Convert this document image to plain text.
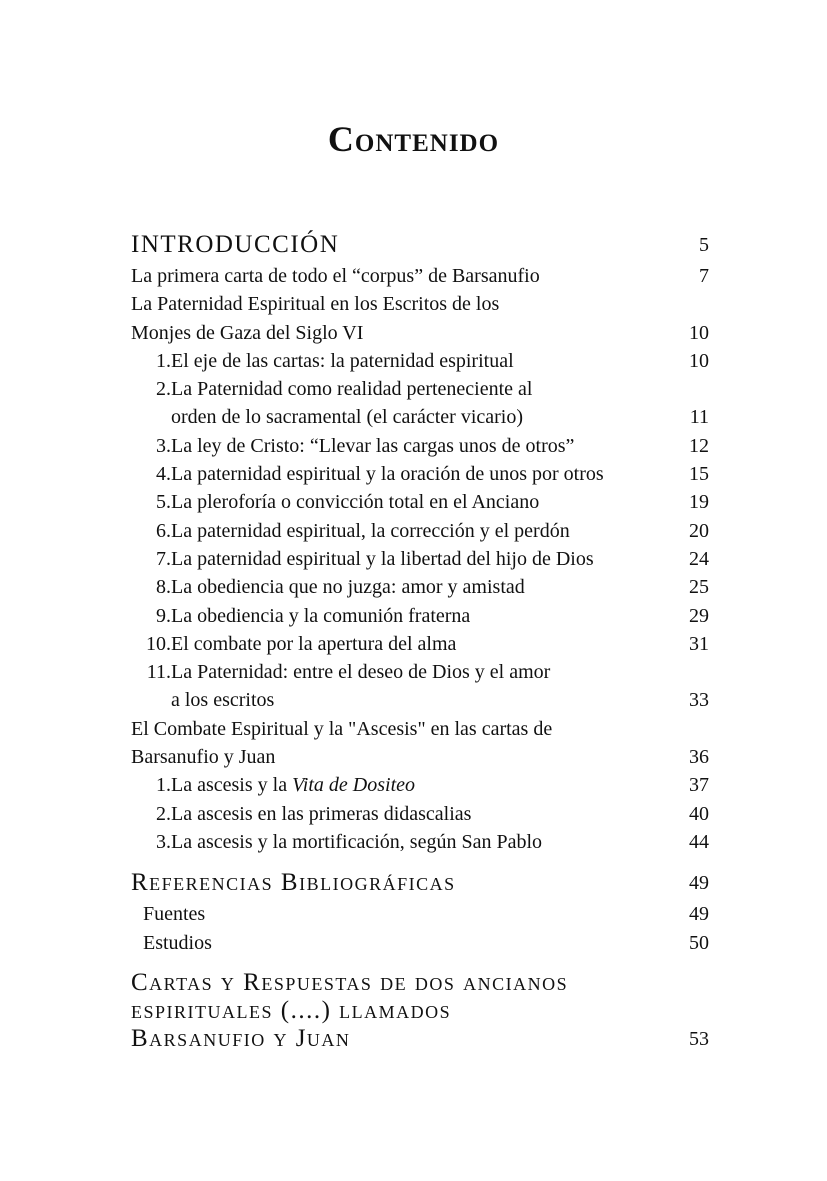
Contenido
INTRODUCCIÓN	5
La primera carta de todo el “corpus” de Barsanufio	7
La Paternidad Espiritual en los Escritos de los
Monjes de Gaza del Siglo VI	10
1. El eje de las cartas: la paternidad espiritual	10
2. La Paternidad como realidad perteneciente al
orden de lo sacramental (el carácter vicario)	11
3. La ley de Cristo: “Llevar las cargas unos de otros”	12
4. La paternidad espiritual y la oración de unos por otros	15
5. La pleroforía o convicción total en el Anciano	19
6. La paternidad espiritual, la corrección y el perdón	20
7. La paternidad espiritual y la libertad del hijo de Dios	24
8. La obediencia que no juzga: amor y amistad	25
9. La obediencia y la comunión fraterna	29
10. El combate por la apertura del alma	31
11. La Paternidad: entre el deseo de Dios y el amor
a los escritos	33
El Combate Espiritual y la "Ascesis" en las cartas de
Barsanufio y Juan	36
1. La ascesis y la Vita de Dositeo	37
2. La ascesis en las primeras didascalias	40
3. La ascesis y la mortificación, según San Pablo	44
Referencias Bibliográficas	49
Fuentes	49
Estudios	50
Cartas y Respuestas de dos ancianos
espirituales (....) llamados
Barsanufio y Juan	53
